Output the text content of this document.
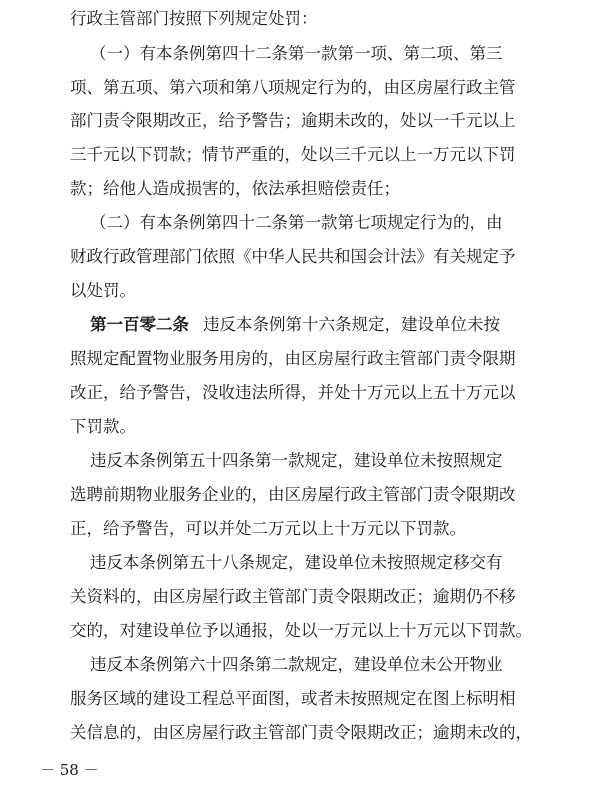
行政主管部门按照下列规定处罚：
（一）有本条例第四十二条第一款第一项、第二项、第三
项、第五项、第六项和第八项规定行为的，由区房屋行政主管
部门责令限期改正，给予警告；逾期未改的，处以一千元以上
三千元以下罚款；情节严重的，处以三千元以上一万元以下罚
款；给他人造成损害的，依法承担赔偿责任；
（二）有本条例第四十二条第一款第七项规定行为的，由
财政行政管理部门依照《中华人民共和国会计法》有关规定予
以处罚。
第一百零二条 违反本条例第十六条规定，建设单位未按
照规定配置物业服务用房的，由区房屋行政主管部门责令限期
改正，给予警告，没收违法所得，并处十万元以上五十万元以
下罚款。
违反本条例第五十四条第一款规定，建设单位未按照规定
选聘前期物业服务企业的，由区房屋行政主管部门责令限期改
正，给予警告，可以并处二万元以上十万元以下罚款。
违反本条例第五十八条规定，建设单位未按照规定移交有
关资料的，由区房屋行政主管部门责令限期改正；逾期仍不移
交的，对建设单位予以通报，处以一万元以上十万元以下罚款。
违反本条例第六十四条第二款规定，建设单位未公开物业
服务区域的建设工程总平面图，或者未按照规定在图上标明相
关信息的，由区房屋行政主管部门责令限期改正；逾期未改的，
－ 58 －
